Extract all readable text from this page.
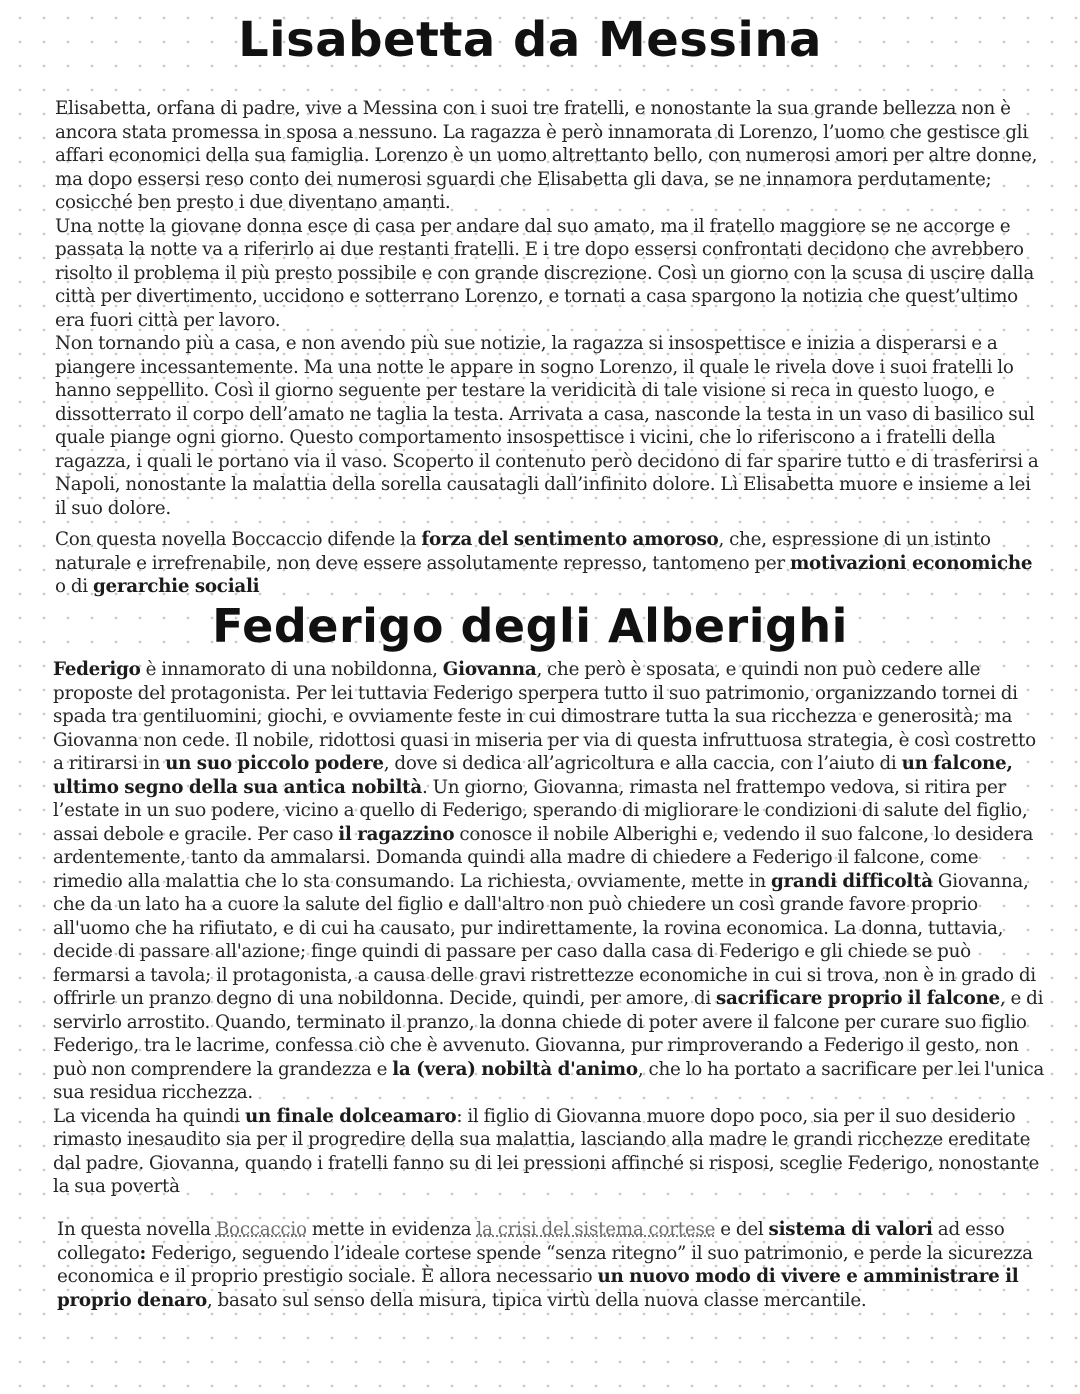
Lisabetta da Messina

Elisabetta, orfana di padre, vive a Messina con i suoi tre fratelli, e nonostante la sua grande bellezza non è ancora stata promessa in sposa a nessuno. La ragazza è però innamorata di Lorenzo, l’uomo che gestisce gli affari economici della sua famiglia. Lorenzo è un uomo altrettanto bello, con numerosi amori per altre donne, ma dopo essersi reso conto dei numerosi sguardi che Elisabetta gli dava, se ne innamora perdutamente; cosicché ben presto i due diventano amanti.
Una notte la giovane donna esce di casa per andare dal suo amato, ma il fratello maggiore se ne accorge e passata la notte va a riferirlo ai due restanti fratelli. E i tre dopo essersi confrontati decidono che avrebbero risolto il problema il più presto possibile e con grande discrezione. Così un giorno con la scusa di uscire dalla città per divertimento, uccidono e sotterrano Lorenzo, e tornati a casa spargono la notizia che quest’ultimo era fuori città per lavoro.
Non tornando più a casa, e non avendo più sue notizie, la ragazza si insospettisce e inizia a disperarsi e a piangere incessantemente. Ma una notte le appare in sogno Lorenzo, il quale le rivela dove i suoi fratelli lo hanno seppellito. Così il giorno seguente per testare la veridicità di tale visione si reca in questo luogo, e dissotterrato il corpo dell’amato ne taglia la testa. Arrivata a casa, nasconde la testa in un vaso di basilico sul quale piange ogni giorno. Questo comportamento insospettisce i vicini, che lo riferiscono a i fratelli della ragazza, i quali le portano via il vaso. Scoperto il contenuto però decidono di far sparire tutto e di trasferirsi a Napoli, nonostante la malattia della sorella causatagli dall’infinito dolore. Lì Elisabetta muore e insieme a lei il suo dolore.

Con questa novella Boccaccio difende la forza del sentimento amoroso, che, espressione di un istinto naturale e irrefrenabile, non deve essere assolutamente represso, tantomeno per motivazioni economiche o di gerarchie sociali

Federigo degli Alberighi

Federigo è innamorato di una nobildonna, Giovanna, che però è sposata, e quindi non può cedere alle proposte del protagonista. Per lei tuttavia Federigo sperpera tutto il suo patrimonio, organizzando tornei di spada tra gentiluomini, giochi, e ovviamente feste in cui dimostrare tutta la sua ricchezza e generosità; ma Giovanna non cede. Il nobile, ridottosi quasi in miseria per via di questa infruttuosa strategia, è così costretto a ritirarsi in un suo piccolo podere, dove si dedica all’agricoltura e alla caccia, con l’aiuto di un falcone, ultimo segno della sua antica nobiltà. Un giorno, Giovanna, rimasta nel frattempo vedova, si ritira per l’estate in un suo podere, vicino a quello di Federigo, sperando di migliorare le condizioni di salute del figlio, assai debole e gracile. Per caso il ragazzino conosce il nobile Alberighi e, vedendo il suo falcone, lo desidera ardentemente, tanto da ammalarsi. Domanda quindi alla madre di chiedere a Federigo il falcone, come rimedio alla malattia che lo sta consumando. La richiesta, ovviamente, mette in grandi difficoltà Giovanna, che da un lato ha a cuore la salute del figlio e dall'altro non può chiedere un così grande favore proprio all'uomo che ha rifiutato, e di cui ha causato, pur indirettamente, la rovina economica. La donna, tuttavia, decide di passare all'azione; finge quindi di passare per caso dalla casa di Federigo e gli chiede se può fermarsi a tavola; il protagonista, a causa delle gravi ristrettezze economiche in cui si trova, non è in grado di offrirle un pranzo degno di una nobildonna. Decide, quindi, per amore, di sacrificare proprio il falcone, e di servirlo arrostito. Quando, terminato il pranzo, la donna chiede di poter avere il falcone per curare suo figlio Federigo, tra le lacrime, confessa ciò che è avvenuto. Giovanna, pur rimproverando a Federigo il gesto, non può non comprendere la grandezza e la (vera) nobiltà d'animo, che lo ha portato a sacrificare per lei l'unica sua residua ricchezza.
La vicenda ha quindi un finale dolceamaro: il figlio di Giovanna muore dopo poco, sia per il suo desiderio rimasto inesaudito sia per il progredire della sua malattia, lasciando alla madre le grandi ricchezze ereditate dal padre. Giovanna, quando i fratelli fanno su di lei pressioni affinché si risposi, sceglie Federigo, nonostante la sua povertà

In questa novella Boccaccio mette in evidenza la crisi del sistema cortese e del sistema di valori ad esso collegato: Federigo, seguendo l’ideale cortese spende “senza ritegno” il suo patrimonio, e perde la sicurezza economica e il proprio prestigio sociale. È allora necessario un nuovo modo di vivere e amministrare il proprio denaro, basato sul senso della misura, tipica virtù della nuova classe mercantile.
